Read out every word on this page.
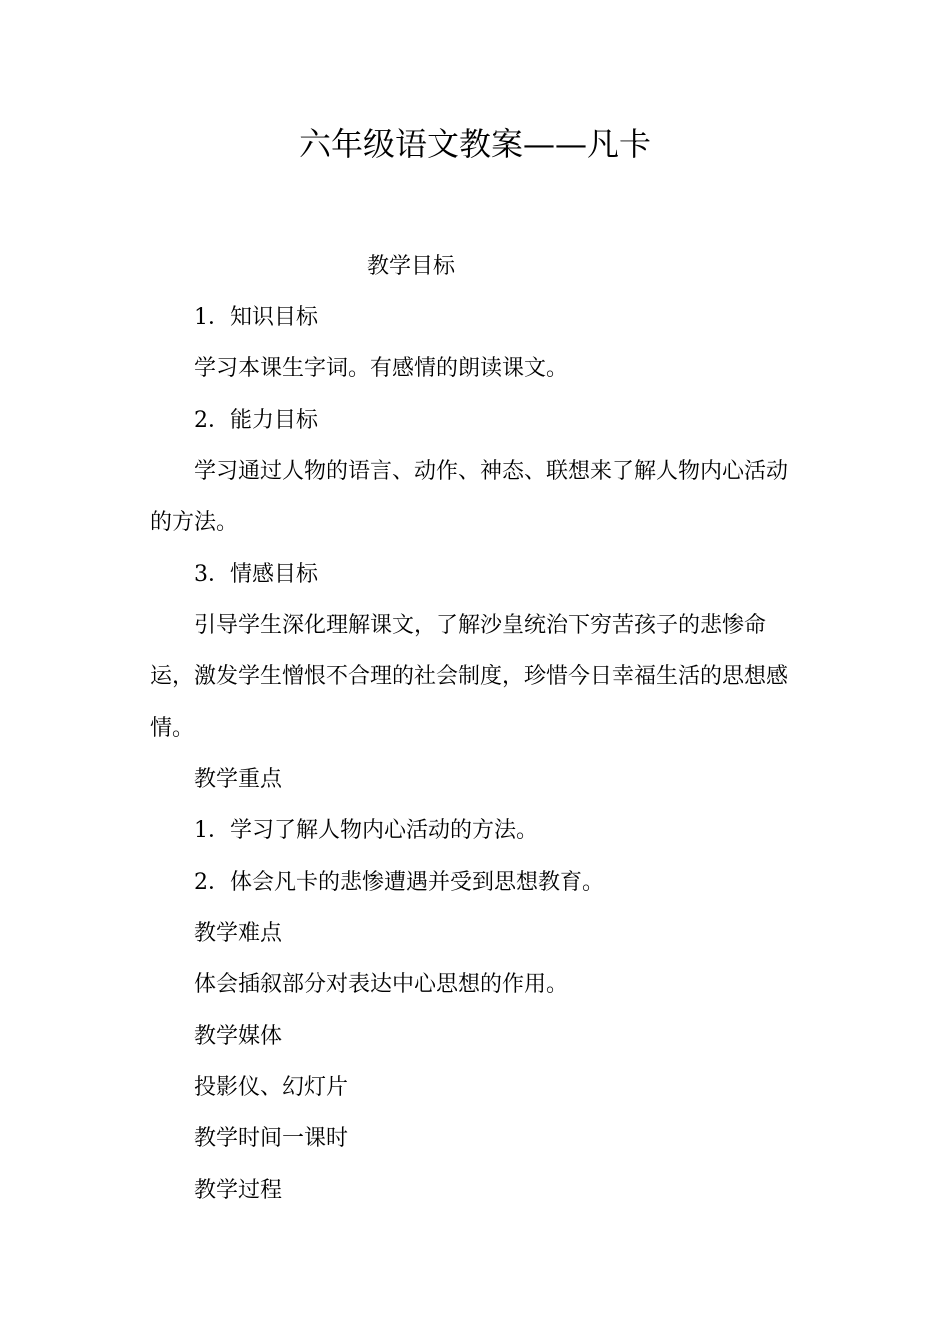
六年级语文教案——凡卡

教学目标

1．知识目标

学习本课生字词。有感情的朗读课文。

2．能力目标

学习通过人物的语言、动作、神态、联想来了解人物内心活动

的方法。

3．情感目标

引导学生深化理解课文，了解沙皇统治下穷苦孩子的悲惨命

运，激发学生憎恨不合理的社会制度，珍惜今日幸福生活的思想感

情。

教学重点

1．学习了解人物内心活动的方法。

2．体会凡卡的悲惨遭遇并受到思想教育。

教学难点

体会插叙部分对表达中心思想的作用。

教学媒体

投影仪、幻灯片

教学时间一课时

教学过程
